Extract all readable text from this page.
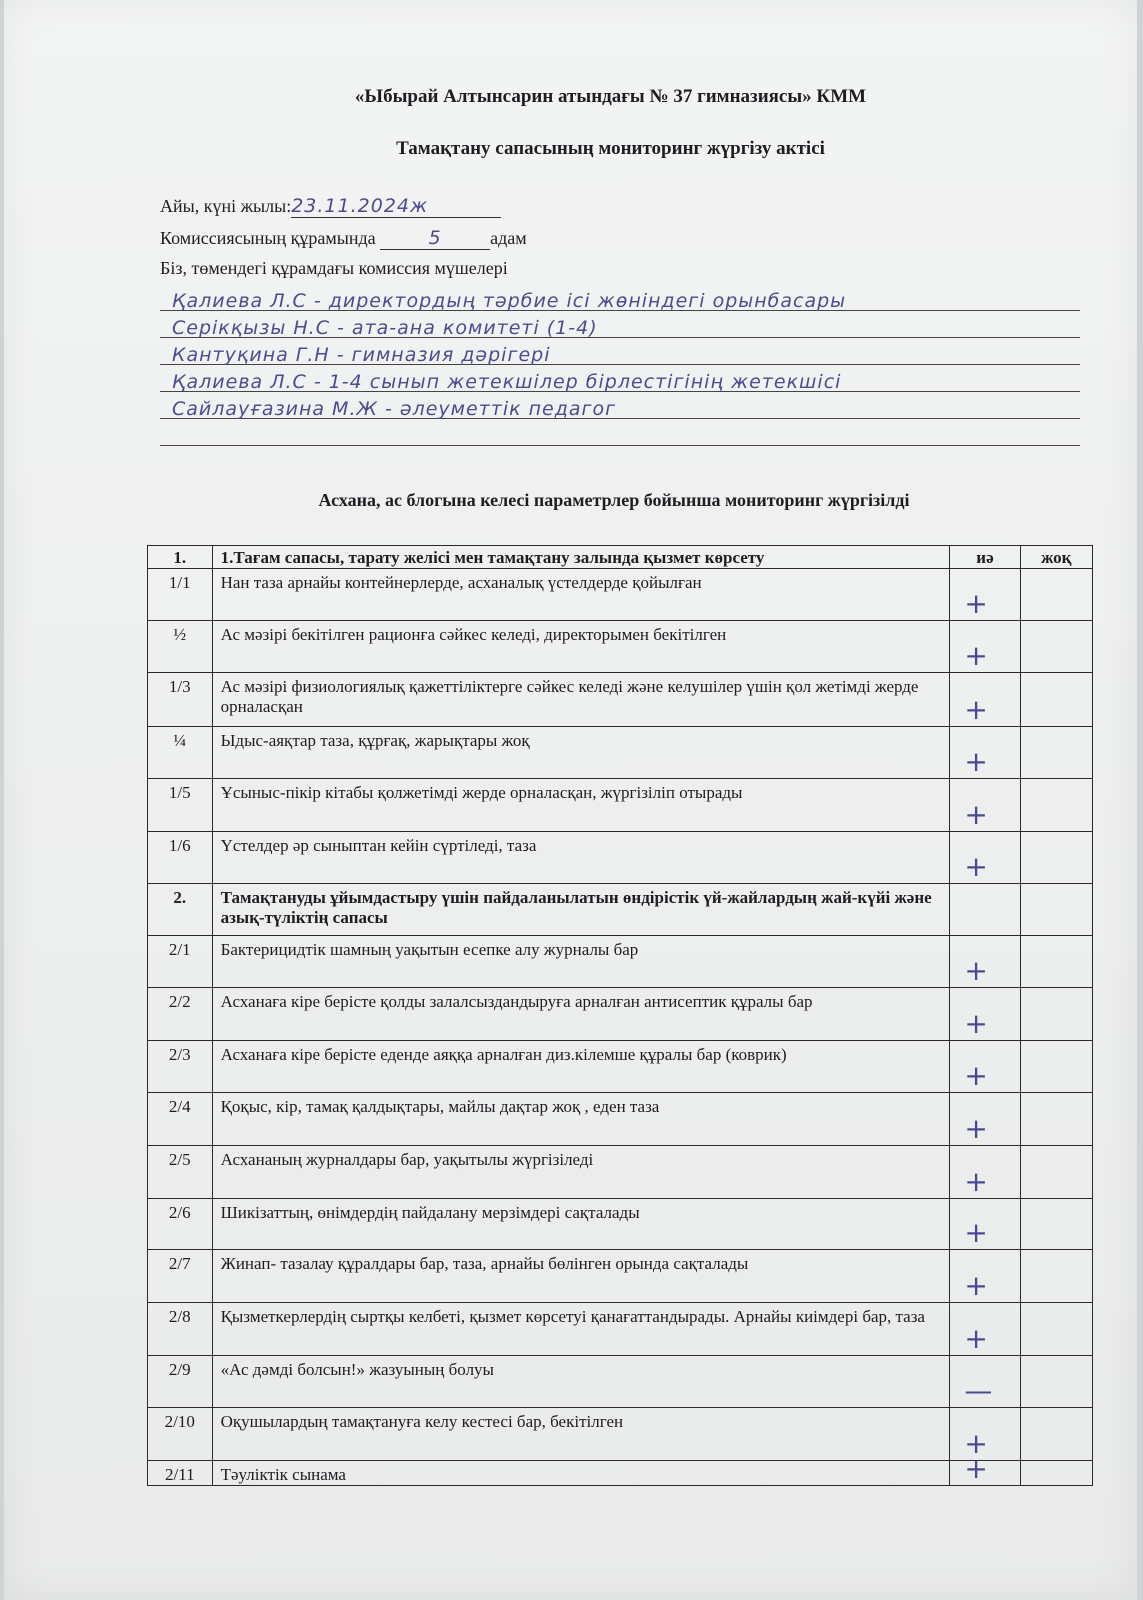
«Ыбырай Алтынсарин атындағы № 37 гимназиясы» КММ
Тамақтану сапасының мониторинг жүргізу актісі
Айы, күні жылы:23.11.2024ж
Комиссиясының құрамында	5	адам
Біз, төмендегі құрамдағы комиссия мүшелері
Қалиева Л.С - директордың тәрбие ісі жөніндегі орынбасары
Серікқызы Н.С - ата-ана комитеті (1-4)
Кантуқина Г.Н - гимназия дәрігері
Қалиева Л.С - 1-4 сынып жетекшілер бірлестігінің жетекшісі
Сайлауғазина М.Ж - әлеуметтік педагог
Асхана, ас блогына келесі параметрлер бойынша мониторинг жүргізілді
1.	1.Тағам сапасы, тарату желісі мен тамақтану залында қызмет көрсету	иә	жоқ
1/1	Нан таза арнайы контейнерлерде, асханалық үстелдерде қойылған	+	

½	Ас мәзірі бекітілген рационға сәйкес келеді, директорымен бекітілген	+	

1/3	Ас мәзірі физиологиялық қажеттіліктерге сәйкес келеді және келушілер үшін қол жетімді жерде орналасқан	+	

¼	Ыдыс-аяқтар таза, құрғақ, жарықтары жоқ	+	

1/5	Ұсыныс-пікір кітабы қолжетімді жерде орналасқан, жүргізіліп отырады	+	

1/6	Үстелдер әр сыныптан кейін сүртіледі, таза	+	

2.	Тамақтануды ұйымдастыру үшін пайдаланылатын өндірістік үй-жайлардың жай-күйі және азық-түліктің сапасы		
2/1	Бактерицидтік шамның уақытын есепке алу журналы бар	+	

2/2	Асханаға кіре берісте қолды залалсыздандыруға арналған антисептик құралы бар	+	

2/3	Асханаға кіре берісте еденде аяққа арналған диз.кілемше құралы бар (коврик)	+	

2/4	Қоқыс, кір, тамақ қалдықтары, майлы дақтар жоқ , еден таза	+	

2/5	Асхананың журналдары бар, уақытылы жүргізіледі	+	

2/6	Шикізаттың, өнімдердің пайдалану мерзімдері сақталады	+	

2/7	Жинап- тазалау құралдары бар, таза, арнайы бөлінген орында сақталады	+	

2/8	Қызметкерлердің сыртқы келбеті, қызмет көрсетуі қанағаттандырады. Арнайы киімдері бар, таза	+	

2/9	«Ас дәмді болсын!» жазуының болуы	—	

2/10	Оқушылардың тамақтануға келу кестесі бар, бекітілген	+	

2/11	Тәуліктік сынама	+	
